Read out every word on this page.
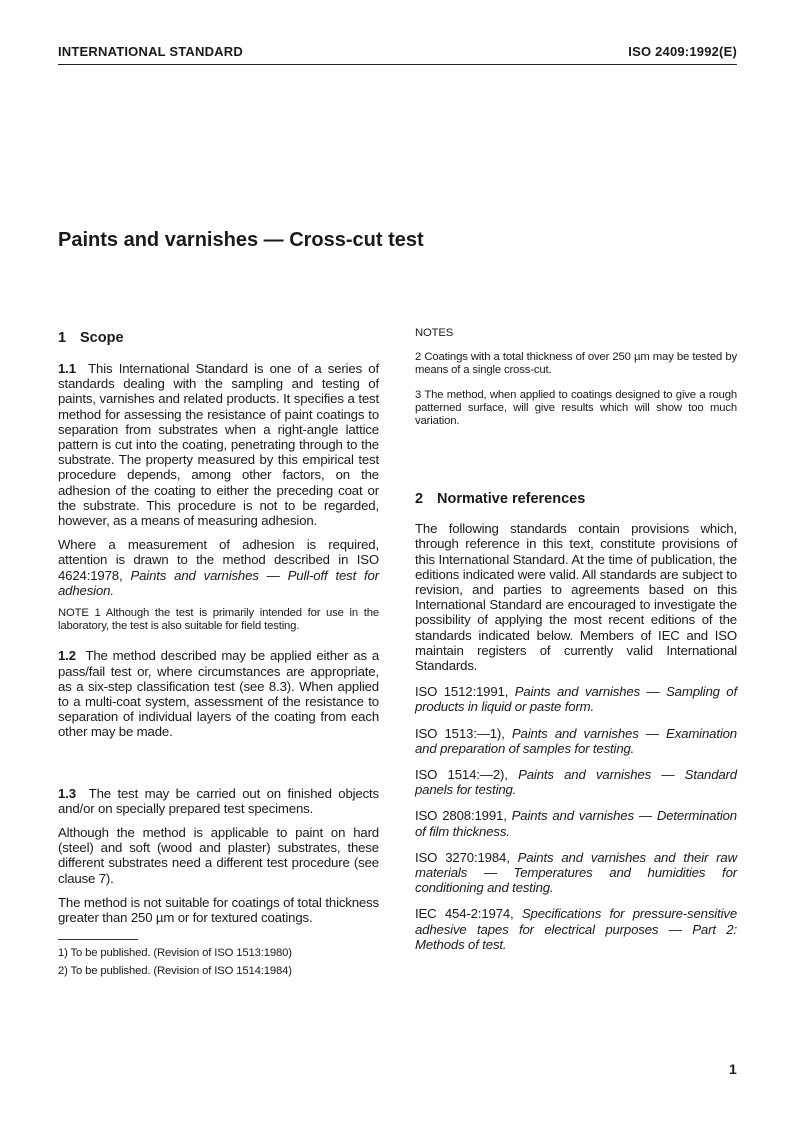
INTERNATIONAL STANDARD	ISO 2409:1992(E)
Paints and varnishes — Cross-cut test
1 Scope
1.1 This International Standard is one of a series of standards dealing with the sampling and testing of paints, varnishes and related products. It specifies a test method for assessing the resistance of paint coatings to separation from substrates when a right-angle lattice pattern is cut into the coating, penetrating through to the substrate. The property measured by this empirical test procedure depends, among other factors, on the adhesion of the coating to either the preceding coat or the substrate. This procedure is not to be regarded, however, as a means of measuring adhesion.
Where a measurement of adhesion is required, attention is drawn to the method described in ISO 4624:1978, Paints and varnishes — Pull-off test for adhesion.
NOTE 1 Although the test is primarily intended for use in the laboratory, the test is also suitable for field testing.
1.2 The method described may be applied either as a pass/fail test or, where circumstances are appropriate, as a six-step classification test (see 8.3). When applied to a multi-coat system, assessment of the resistance to separation of individual layers of the coating from each other may be made.
1.3 The test may be carried out on finished objects and/or on specially prepared test specimens.
Although the method is applicable to paint on hard (steel) and soft (wood and plaster) substrates, these different substrates need a different test procedure (see clause 7).
The method is not suitable for coatings of total thickness greater than 250 µm or for textured coatings.
1) To be published. (Revision of ISO 1513:1980)
2) To be published. (Revision of ISO 1514:1984)
NOTES
2 Coatings with a total thickness of over 250 µm may be tested by means of a single cross-cut.
3 The method, when applied to coatings designed to give a rough patterned surface, will give results which will show too much variation.
2 Normative references
The following standards contain provisions which, through reference in this text, constitute provisions of this International Standard. At the time of publication, the editions indicated were valid. All standards are subject to revision, and parties to agreements based on this International Standard are encouraged to investigate the possibility of applying the most recent editions of the standards indicated below. Members of IEC and ISO maintain registers of currently valid International Standards.
ISO 1512:1991, Paints and varnishes — Sampling of products in liquid or paste form.
ISO 1513:—1), Paints and varnishes — Examination and preparation of samples for testing.
ISO 1514:—2), Paints and varnishes — Standard panels for testing.
ISO 2808:1991, Paints and varnishes — Determination of film thickness.
ISO 3270:1984, Paints and varnishes and their raw materials — Temperatures and humidities for conditioning and testing.
IEC 454-2:1974, Specifications for pressure-sensitive adhesive tapes for electrical purposes — Part 2: Methods of test.
1
